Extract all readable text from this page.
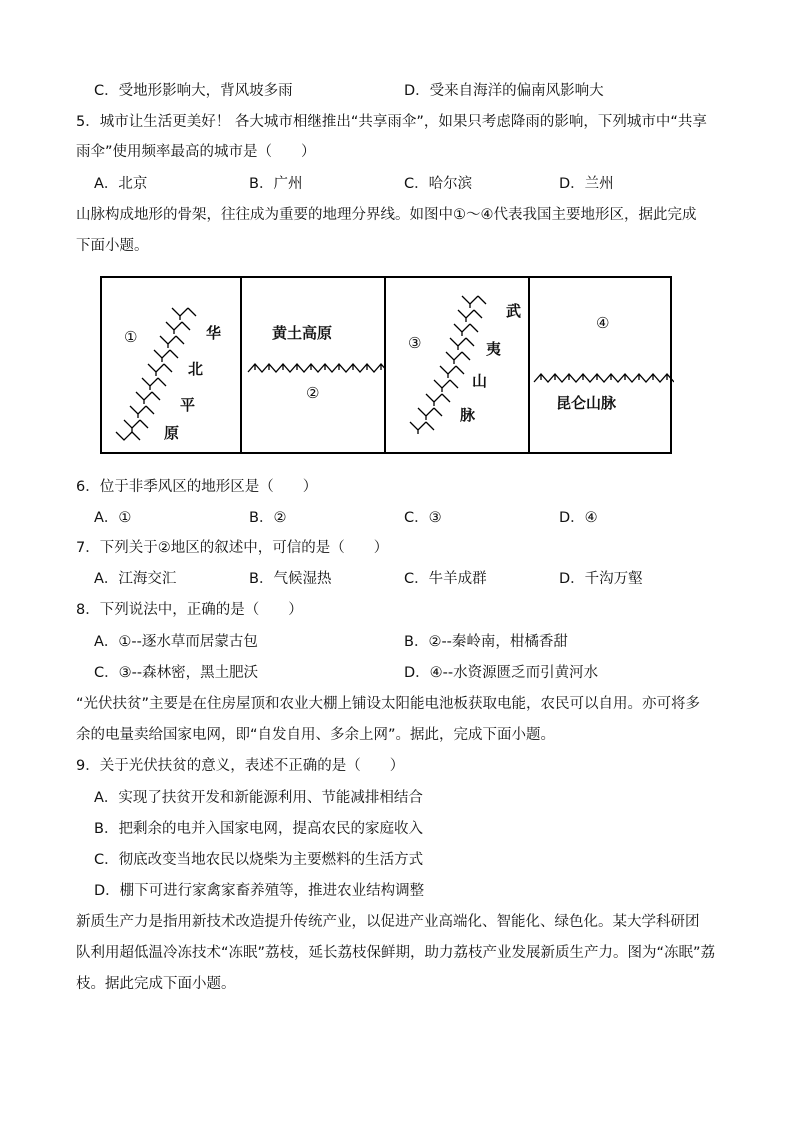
C．受地形影响大，背风坡多雨	D．受来自海洋的偏南风影响大
5．城市让生活更美好！ 各大城市相继推出“共享雨伞”，如果只考虑降雨的影响，下列城市中“共享
雨伞”使用频率最高的城市是（　　）
A．北京	B．广州	C．哈尔滨	D．兰州
山脉构成地形的骨架，往往成为重要的地理分界线。如图中①～④代表我国主要地形区，据此完成
下面小题。
①	华
北
平
原
黄土高原
②
③
武
夷
山
脉
④
昆仑山脉
6．位于非季风区的地形区是（　　）
A．①	B．②	C．③	D．④
7．下列关于②地区的叙述中，可信的是（　　）
A．江海交汇	B．气候湿热	C．牛羊成群	D．千沟万壑
8．下列说法中，正确的是（　　）
A．①--逐水草而居蒙古包	B．②--秦岭南，柑橘香甜
C．③--森林密，黑土肥沃	D．④--水资源匮乏而引黄河水
“光伏扶贫”主要是在住房屋顶和农业大棚上铺设太阳能电池板获取电能，农民可以自用。亦可将多
余的电量卖给国家电网，即“自发自用、多余上网”。据此，完成下面小题。
9．关于光伏扶贫的意义，表述不正确的是（　　）
A．实现了扶贫开发和新能源利用、节能减排相结合
B．把剩余的电并入国家电网，提高农民的家庭收入
C．彻底改变当地农民以烧柴为主要燃料的生活方式
D．棚下可进行家禽家畜养殖等，推进农业结构调整
新质生产力是指用新技术改造提升传统产业，以促进产业高端化、智能化、绿色化。某大学科研团
队利用超低温冷冻技术“冻眠”荔枝，延长荔枝保鲜期，助力荔枝产业发展新质生产力。图为“冻眠”荔
枝。据此完成下面小题。
